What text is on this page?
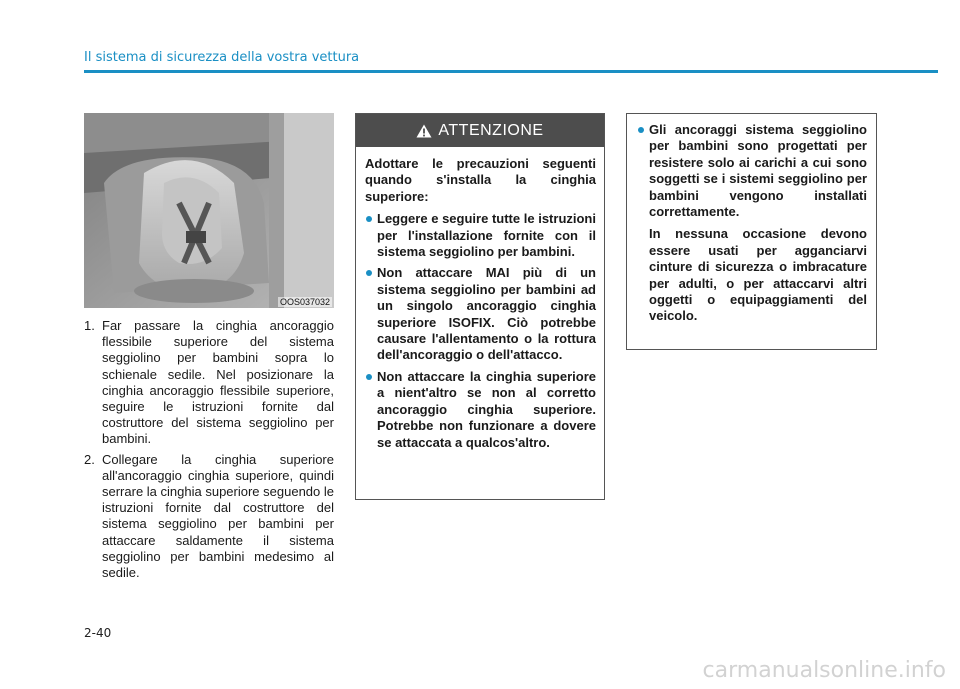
Il sistema di sicurezza della vostra vettura
OOS037032
1. Far passare la cinghia ancoraggio flessibile superiore del sistema seggiolino per bambini sopra lo schienale sedile. Nel posizionare la cinghia ancoraggio flessibile superiore, seguire le istruzioni fornite dal costruttore del sistema seggiolino per bambini.
2. Collegare la cinghia superiore all'ancoraggio cinghia superiore, quindi serrare la cinghia superiore seguendo le istruzioni fornite dal costruttore del sistema seggiolino per bambini per attaccare saldamente il sistema seggiolino per bambini medesimo al sedile.
ATTENZIONE

Adottare le precauzioni seguenti quando s'installa la cinghia superiore:

Leggere e seguire tutte le istruzioni per l'installazione fornite con il sistema seggiolino per bambini.
Non attaccare MAI più di un sistema seggiolino per bambini ad un singolo ancoraggio cinghia superiore ISOFIX. Ciò potrebbe causare l'allentamento o la rottura dell'ancoraggio o dell'attacco.
Non attaccare la cinghia superiore a nient'altro se non al corretto ancoraggio cinghia superiore. Potrebbe non funzionare a dovere se attaccata a qualcos'altro.
Gli ancoraggi sistema seggiolino per bambini sono progettati per resistere solo ai carichi a cui sono soggetti se i sistemi seggiolino per bambini vengono installati correttamente.

In nessuna occasione devono essere usati per agganciarvi cinture di sicurezza o imbracature per adulti, o per attaccarvi altri oggetti o equipaggiamenti del veicolo.

2-40
carmanualsonline.info
